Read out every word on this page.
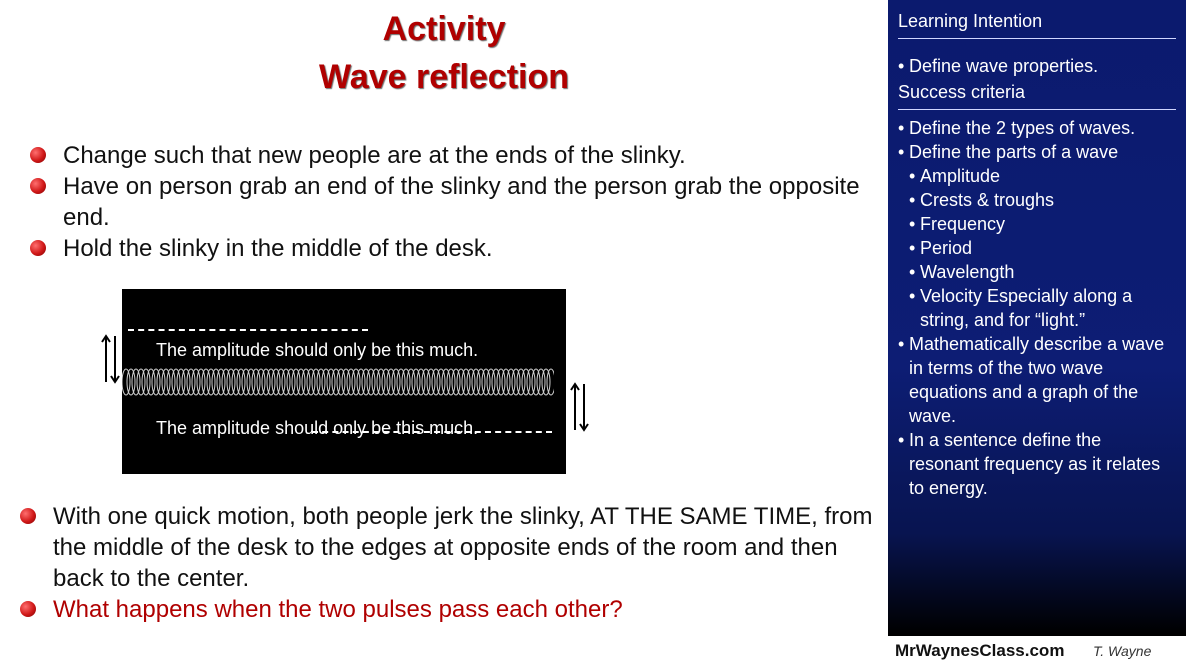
Activity
Wave reflection
Change such that new people are at the ends of the slinky.
Have on person grab an end of the slinky and the person grab the opposite end.
Hold the slinky in the middle of the desk.
The amplitude should only be this much.
The amplitude should only be this much.
With one quick motion, both people jerk the slinky, AT THE SAME TIME, from the middle of the desk to the edges at opposite ends of the room and then back to the center.
What happens when the two pulses pass each other?
Learning Intention
• Define wave properties.
Success criteria
• Define the 2 types of waves.
• Define the parts of a wave
• Amplitude
• Crests & troughs
• Frequency
• Period
• Wavelength
• Velocity Especially along a string, and for “light.”
• Mathematically describe a wave in terms of the two wave equations and a graph of the wave.
• In a sentence define the resonant frequency as it relates to energy.
MrWaynesClass.com T. Wayne
